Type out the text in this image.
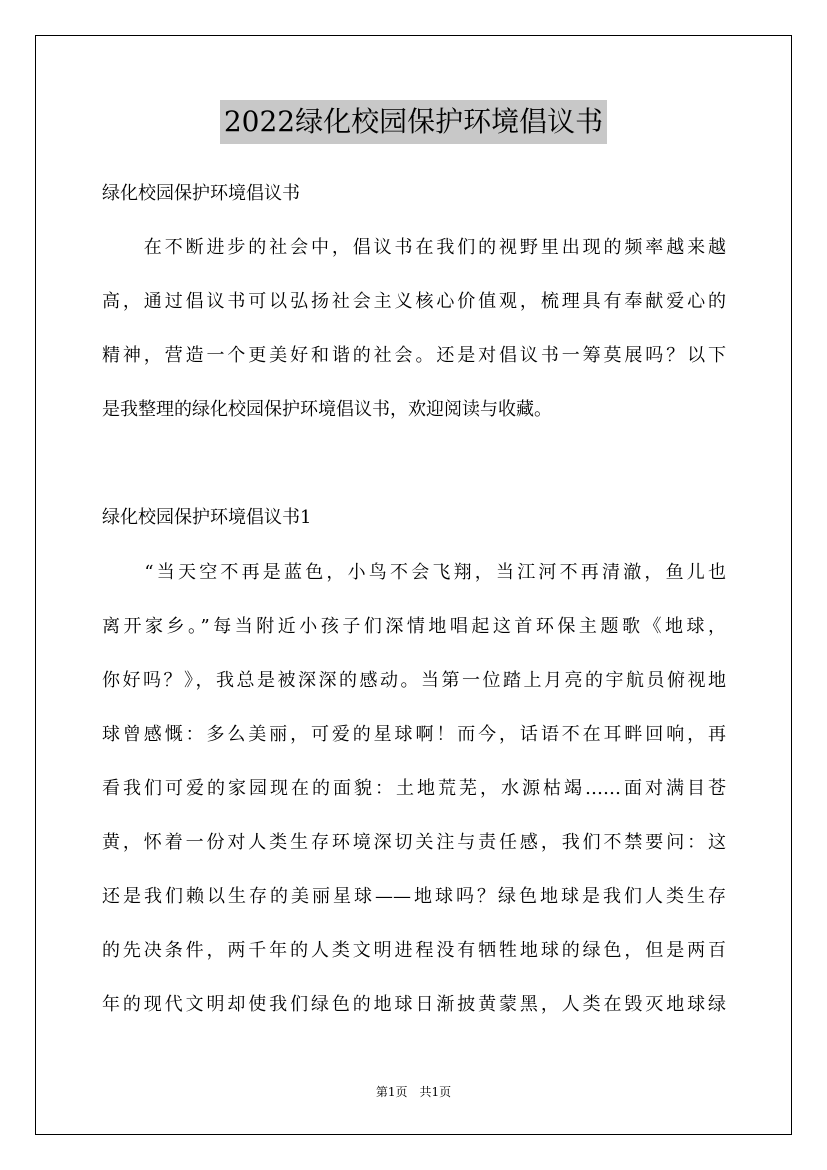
2022绿化校园保护环境倡议书
绿化校园保护环境倡议书
　　在不断进步的社会中，倡议书在我们的视野里出现的频率越来越
高，通过倡议书可以弘扬社会主义核心价值观，梳理具有奉献爱心的
精神，营造一个更美好和谐的社会。还是对倡议书一筹莫展吗？以下
是我整理的绿化校园保护环境倡议书，欢迎阅读与收藏。
绿化校园保护环境倡议书1
　　“当天空不再是蓝色，小鸟不会飞翔，当江河不再清澈，鱼儿也
离开家乡。”每当附近小孩子们深情地唱起这首环保主题歌《地球，
你好吗？》，我总是被深深的感动。当第一位踏上月亮的宇航员俯视地
球曾感慨：多么美丽，可爱的星球啊！而今，话语不在耳畔回响，再
看我们可爱的家园现在的面貌：土地荒芜，水源枯竭……面对满目苍
黄，怀着一份对人类生存环境深切关注与责任感，我们不禁要问：这
还是我们赖以生存的美丽星球——地球吗？绿色地球是我们人类生存
的先决条件，两千年的人类文明进程没有牺牲地球的绿色，但是两百
年的现代文明却使我们绿色的地球日渐披黄蒙黑，人类在毁灭地球绿
第1页　共1页
